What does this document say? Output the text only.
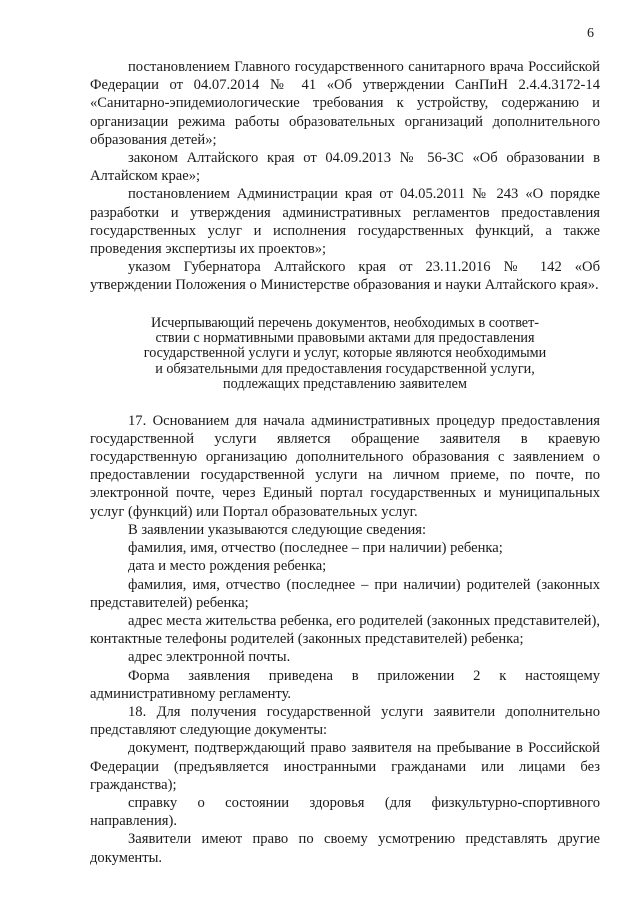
6

постановлением Главного государственного санитарного врача Российской Федерации от 04.07.2014 № 41 «Об утверждении СанПиН 2.4.4.3172-14 «Санитарно-эпидемиологические требования к устройству, содержанию и организации режима работы образовательных организаций дополнительного образования детей»;

законом Алтайского края от 04.09.2013 № 56-ЗС «Об образовании в Алтайском крае»;

постановлением Администрации края от 04.05.2011 № 243 «О порядке разработки и утверждения административных регламентов предоставления государственных услуг и исполнения государственных функций, а также проведения экспертизы их проектов»;

указом Губернатора Алтайского края от 23.11.2016 № 142 «Об утверждении Положения о Министерстве образования и науки Алтайского края».

Исчерпывающий перечень документов, необходимых в соответ-
ствии с нормативными правовыми актами для предоставления
государственной услуги и услуг, которые являются необходимыми
и обязательными для предоставления государственной услуги,
подлежащих представлению заявителем

17. Основанием для начала административных процедур предоставления государственной услуги является обращение заявителя в краевую государственную организацию дополнительного образования с заявлением о предоставлении государственной услуги на личном приеме, по почте, по электронной почте, через Единый портал государственных и муниципальных услуг (функций) или Портал образовательных услуг.

В заявлении указываются следующие сведения:

фамилия, имя, отчество (последнее – при наличии) ребенка;

дата и место рождения ребенка;

фамилия, имя, отчество (последнее – при наличии) родителей (законных представителей) ребенка;

адрес места жительства ребенка, его родителей (законных представителей), контактные телефоны родителей (законных представителей) ребенка;

адрес электронной почты.

Форма заявления приведена в приложении 2 к настоящему административному регламенту.

18. Для получения государственной услуги заявители дополнительно представляют следующие документы:

документ, подтверждающий право заявителя на пребывание в Российской Федерации (предъявляется иностранными гражданами или лицами без гражданства);

справку о состоянии здоровья (для физкультурно-спортивного направления).

Заявители имеют право по своему усмотрению представлять другие документы.
